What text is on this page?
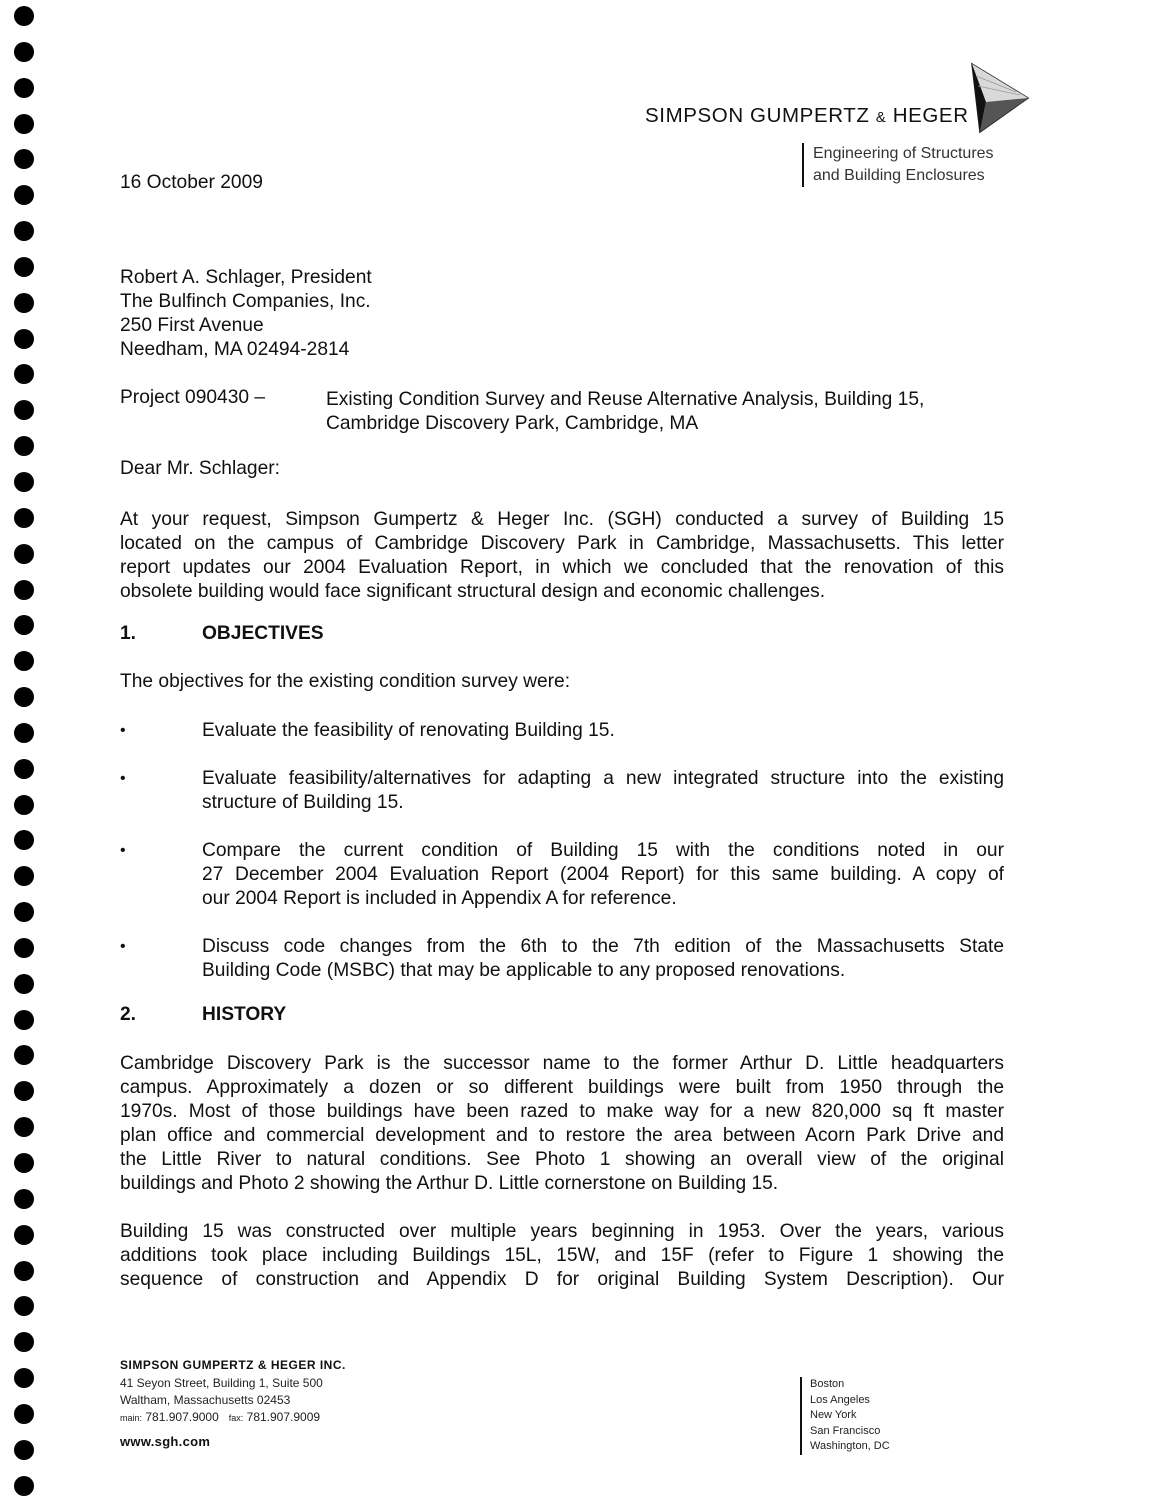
SIMPSON GUMPERTZ & HEGER
Engineering of Structures
and Building Enclosures
16 October 2009
Robert A. Schlager, President
The Bulfinch Companies, Inc.
250 First Avenue
Needham, MA 02494-2814
Project 090430 –	Existing Condition Survey and Reuse Alternative Analysis, Building 15,
Cambridge Discovery Park, Cambridge, MA
Dear Mr. Schlager:
At your request, Simpson Gumpertz & Heger Inc. (SGH) conducted a survey of Building 15
located on the campus of Cambridge Discovery Park in Cambridge, Massachusetts. This letter
report updates our 2004 Evaluation Report, in which we concluded that the renovation of this
obsolete building would face significant structural design and economic challenges.
1.	OBJECTIVES
The objectives for the existing condition survey were:
•	Evaluate the feasibility of renovating Building 15.
•	Evaluate feasibility/alternatives for adapting a new integrated structure into the existing
structure of Building 15.
•	Compare the current condition of Building 15 with the conditions noted in our
27 December 2004 Evaluation Report (2004 Report) for this same building. A copy of
our 2004 Report is included in Appendix A for reference.
•	Discuss code changes from the 6th to the 7th edition of the Massachusetts State
Building Code (MSBC) that may be applicable to any proposed renovations.
2.	HISTORY
Cambridge Discovery Park is the successor name to the former Arthur D. Little headquarters
campus. Approximately a dozen or so different buildings were built from 1950 through the
1970s. Most of those buildings have been razed to make way for a new 820,000 sq ft master
plan office and commercial development and to restore the area between Acorn Park Drive and
the Little River to natural conditions. See Photo 1 showing an overall view of the original
buildings and Photo 2 showing the Arthur D. Little cornerstone on Building 15.
Building 15 was constructed over multiple years beginning in 1953. Over the years, various
additions took place including Buildings 15L, 15W, and 15F (refer to Figure 1 showing the
sequence of construction and Appendix D for original Building System Description). Our
SIMPSON GUMPERTZ & HEGER INC.
41 Seyon Street, Building 1, Suite 500
Waltham, Massachusetts 02453
main: 781.907.9000 fax: 781.907.9009
www.sgh.com
Boston
Los Angeles
New York
San Francisco
Washington, DC
